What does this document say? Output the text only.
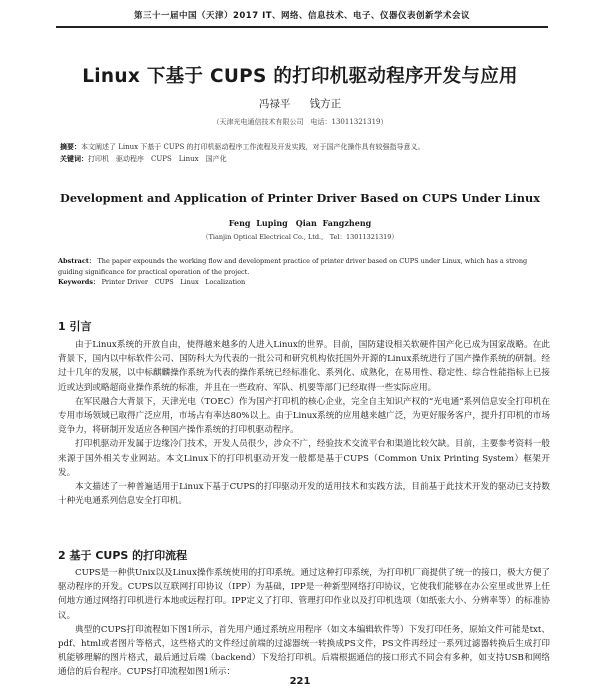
第三十一届中国（天津）2017 IT、网络、信息技术、电子、仪器仪表创新学术会议
Linux 下基于 CUPS 的打印机驱动程序开发与应用
冯禄平 钱方正
（天津光电通信技术有限公司　电话：13011321319）
摘要：本文阐述了 Linux 下基于 CUPS 的打印机驱动程序工作流程及开发实践，对于国产化操作具有较强指导意义。
关键词：打印机　驱动程序　CUPS　Linux　国产化
Development and Application of Printer Driver Based on CUPS Under Linux
Feng Luping　Qian Fangzheng
（Tianjin Optical Electrical Co., Ltd.,　Tel：13011321319）
Abstract： The paper expounds the working flow and development practice of printer driver based on CUPS under Linux, which has a strong guiding significance for practical operation of the project.
Keywords： Printer Driver　CUPS　Linux　Localization
1 引言

由于Linux系统的开放自由，使得越来越多的人进入Linux的世界。目前，国防建设相关软硬件国产化已成为国家战略。在此背景下，国内以中标软件公司、国防科大为代表的一批公司和研究机构依托国外开源的Linux系统进行了国产操作系统的研制。经过十几年的发展，以中标麒麟操作系统为代表的操作系统已经标准化、系列化、成熟化，在易用性、稳定性、综合性能指标上已接近或达到或略超商业操作系统的标准，并且在一些政府、军队、机要等部门已经取得一些实际应用。

在军民融合大背景下，天津光电（TOEC）作为国产打印机的核心企业，完全自主知识产权的“光电通”系列信息安全打印机在专用市场领域已取得广泛应用，市场占有率达80%以上。由于Linux系统的应用越来越广泛，为更好服务客户，提升打印机的市场竞争力，将研制开发适应各种国产操作系统的打印机驱动程序。

打印机驱动开发属于边缘冷门技术，开发人员很少，涉众不广，经验技术交流平台和渠道比较欠缺。目前，主要参考资料一般来源于国外相关专业网站。本文Linux下的打印机驱动开发一般都是基于CUPS（Common Unix Printing System）框架开发。

本文描述了一种普遍适用于Linux下基于CUPS的打印驱动开发的适用技术和实践方法，目前基于此技术开发的驱动已支持数十种光电通系列信息安全打印机。

2 基于 CUPS 的打印流程

CUPS是一种供Unix以及Linux操作系统使用的打印系统。通过这种打印系统，为打印机厂商提供了统一的接口，极大方便了驱动程序的开发。CUPS以互联网打印协议（IPP）为基础，IPP是一种新型网络打印协议，它使我们能够在办公室里或世界上任何地方通过网络打印机进行本地或远程打印。IPP定义了打印、管理打印作业以及打印机选项（如纸张大小、分辨率等）的标准协议。

典型的CUPS打印流程如下图1所示，首先用户通过系统应用程序（如文本编辑软件等）下发打印任务，原始文件可能是txt、pdf、html或者图片等格式，这些格式的文件经过前端的过滤器统一转换成PS文件，PS文件再经过一系列过滤器转换后生成打印机能够理解的图片格式，最后通过后端（backend）下发给打印机。后端根据通信的接口形式不同会有多种，如支持USB和网络通信的后台程序。CUPS打印流程如图1所示：

221
